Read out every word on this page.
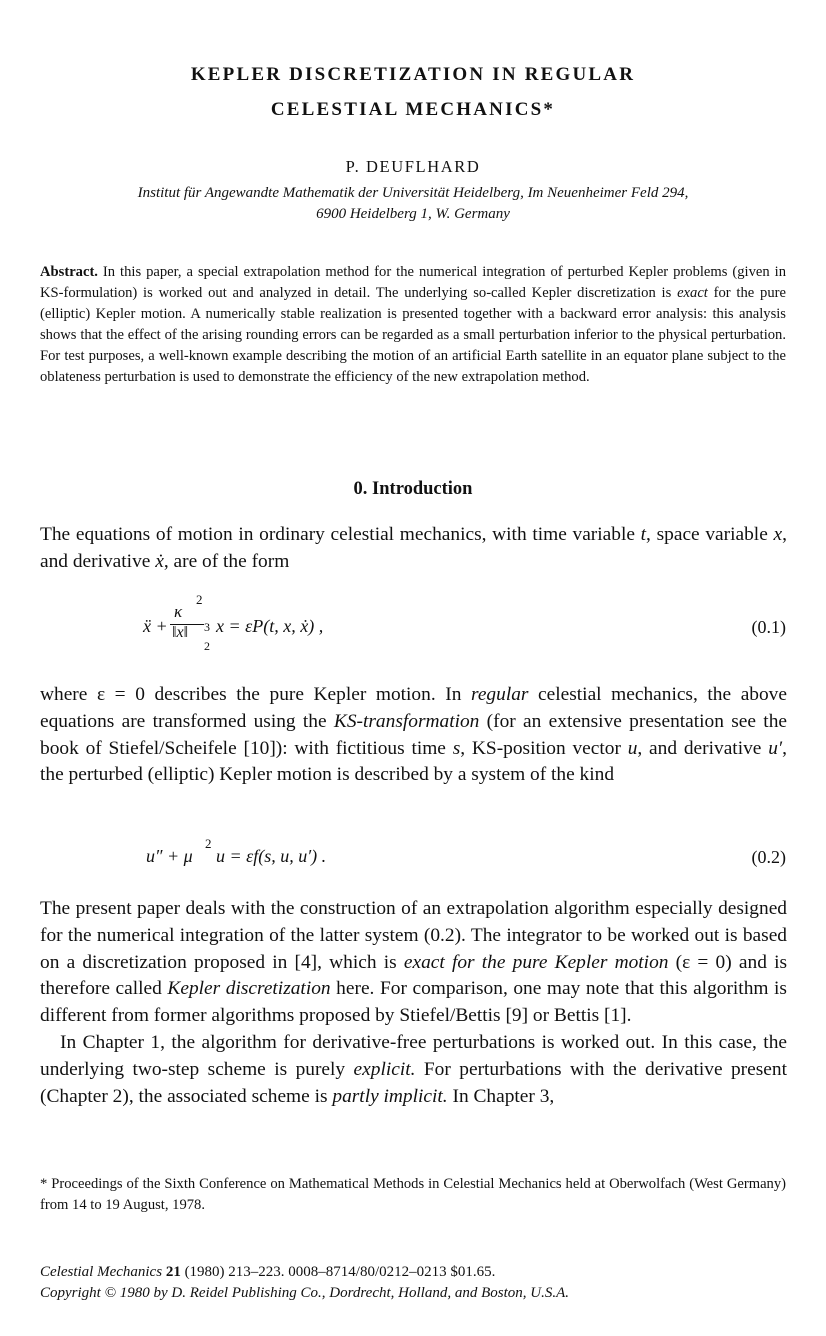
KEPLER DISCRETIZATION IN REGULAR
CELESTIAL MECHANICS*
P. DEUFLHARD
Institut für Angewandte Mathematik der Universität Heidelberg, Im Neuenheimer Feld 294,
6900 Heidelberg 1, W. Germany
Abstract. In this paper, a special extrapolation method for the numerical integration of perturbed Kepler problems (given in KS-formulation) is worked out and analyzed in detail. The underlying so-called Kepler discretization is exact for the pure (elliptic) Kepler motion. A numerically stable realization is presented together with a backward error analysis: this analysis shows that the effect of the arising rounding errors can be regarded as a small perturbation inferior to the physical perturbation. For test purposes, a well-known example describing the motion of an artificial Earth satellite in an equator plane subject to the oblateness perturbation is used to demonstrate the efficiency of the new extrapolation method.
0. Introduction
The equations of motion in ordinary celestial mechanics, with time variable t, space variable x, and derivative ẋ, are of the form
ẍ +
κ
2
‖x‖ 3
2
x = εP(t, x, ẋ) ,	(0.1)
where ε = 0 describes the pure Kepler motion. In regular celestial mechanics, the above equations are transformed using the KS-transformation (for an extensive presentation see the book of Stiefel/Scheifele [10]): with fictitious time s, KS-position vector u, and derivative u′, the perturbed (elliptic) Kepler motion is described by a system of the kind
u″ + μ
2
u = εf(s, u, u′) .	(0.2)
The present paper deals with the construction of an extrapolation algorithm especially designed for the numerical integration of the latter system (0.2). The integrator to be worked out is based on a discretization proposed in [4], which is exact for the pure Kepler motion (ε = 0) and is therefore called Kepler discretization here. For comparison, one may note that this algorithm is different from former algorithms proposed by Stiefel/Bettis [9] or Bettis [1].
In Chapter 1, the algorithm for derivative-free perturbations is worked out. In this case, the underlying two-step scheme is purely explicit. For perturbations with the derivative present (Chapter 2), the associated scheme is partly implicit. In Chapter 3,
* Proceedings of the Sixth Conference on Mathematical Methods in Celestial Mechanics held at Oberwolfach (West Germany) from 14 to 19 August, 1978.
Celestial Mechanics 21 (1980) 213–223. 0008–8714/80/0212–0213 $01.65.
Copyright © 1980 by D. Reidel Publishing Co., Dordrecht, Holland, and Boston, U.S.A.
